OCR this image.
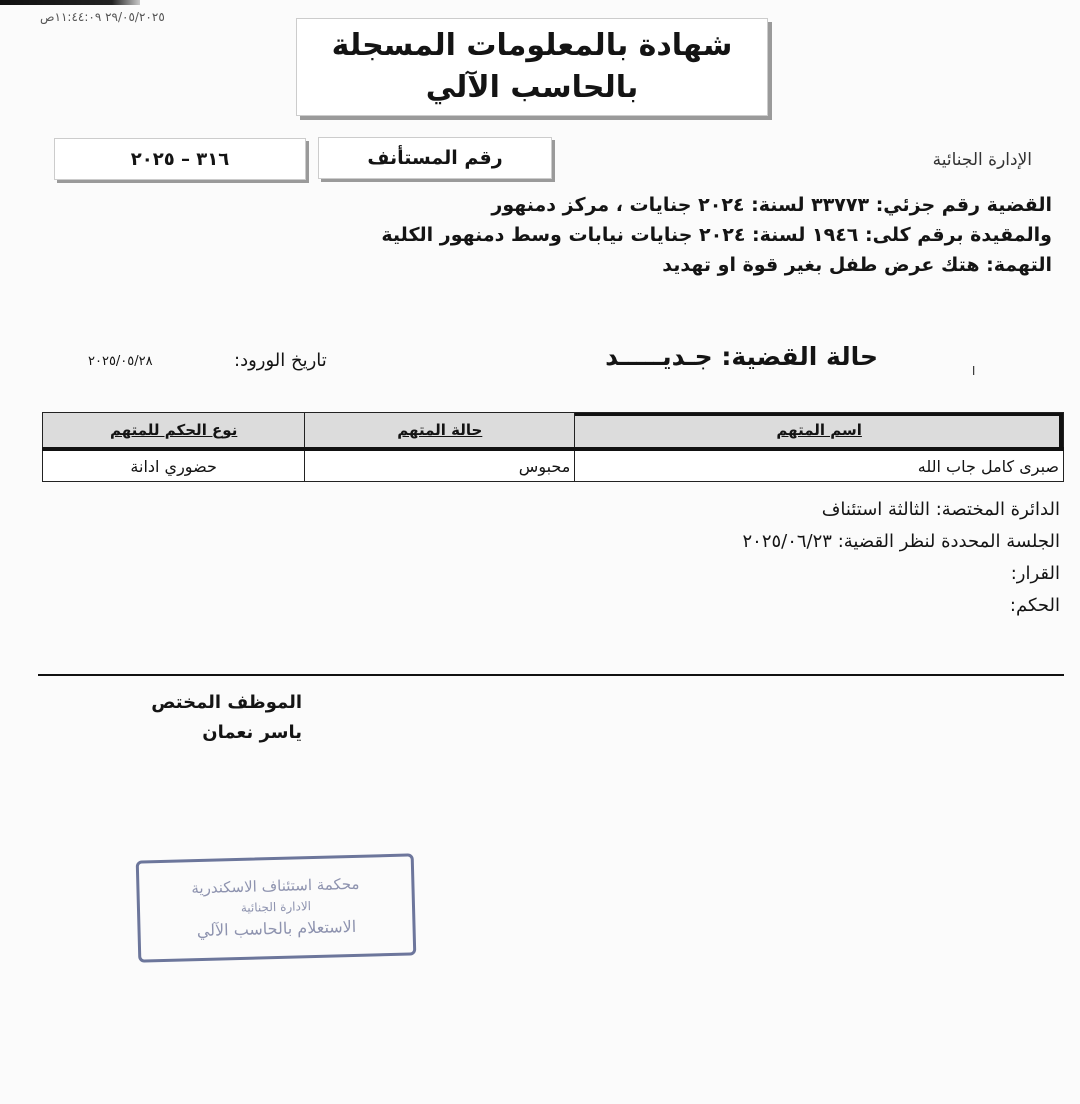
٢٩/٠٥/٢٠٢٥ ١١:٤٤:٠٩ص
شهادة بالمعلومات المسجلة
بالحاسب الآلي
رقم المستأنف
٣١٦ – ٢٠٢٥	الإدارة الجنائية
القضية رقم جزئي: ٣٣٧٧٣ لسنة: ٢٠٢٤ جنايات ، مركز دمنهور
والمقيدة برقم كلى: ١٩٤٦ لسنة: ٢٠٢٤ جنايات نيابات وسط دمنهور الكلية
التهمة: هتك عرض طفل بغير قوة او تهديد
حالة القضية: جـديـــــد	ا
تاريخ الورود:
٢٠٢٥/٠٥/٢٨
اسم المتهم	حالة المتهم	نوع الحكم للمتهم
صبرى كامل جاب الله	محبوس	حضوري ادانة
الدائرة المختصة: الثالثة استئناف
الجلسة المحددة لنظر القضية: ٢٠٢٥/٠٦/٢٣
القرار:
الحكم:
الموظف المختص
ياسر نعمان
محكمة استئناف الاسكندرية
الادارة الجنائية
الاستعلام بالحاسب الآلي
